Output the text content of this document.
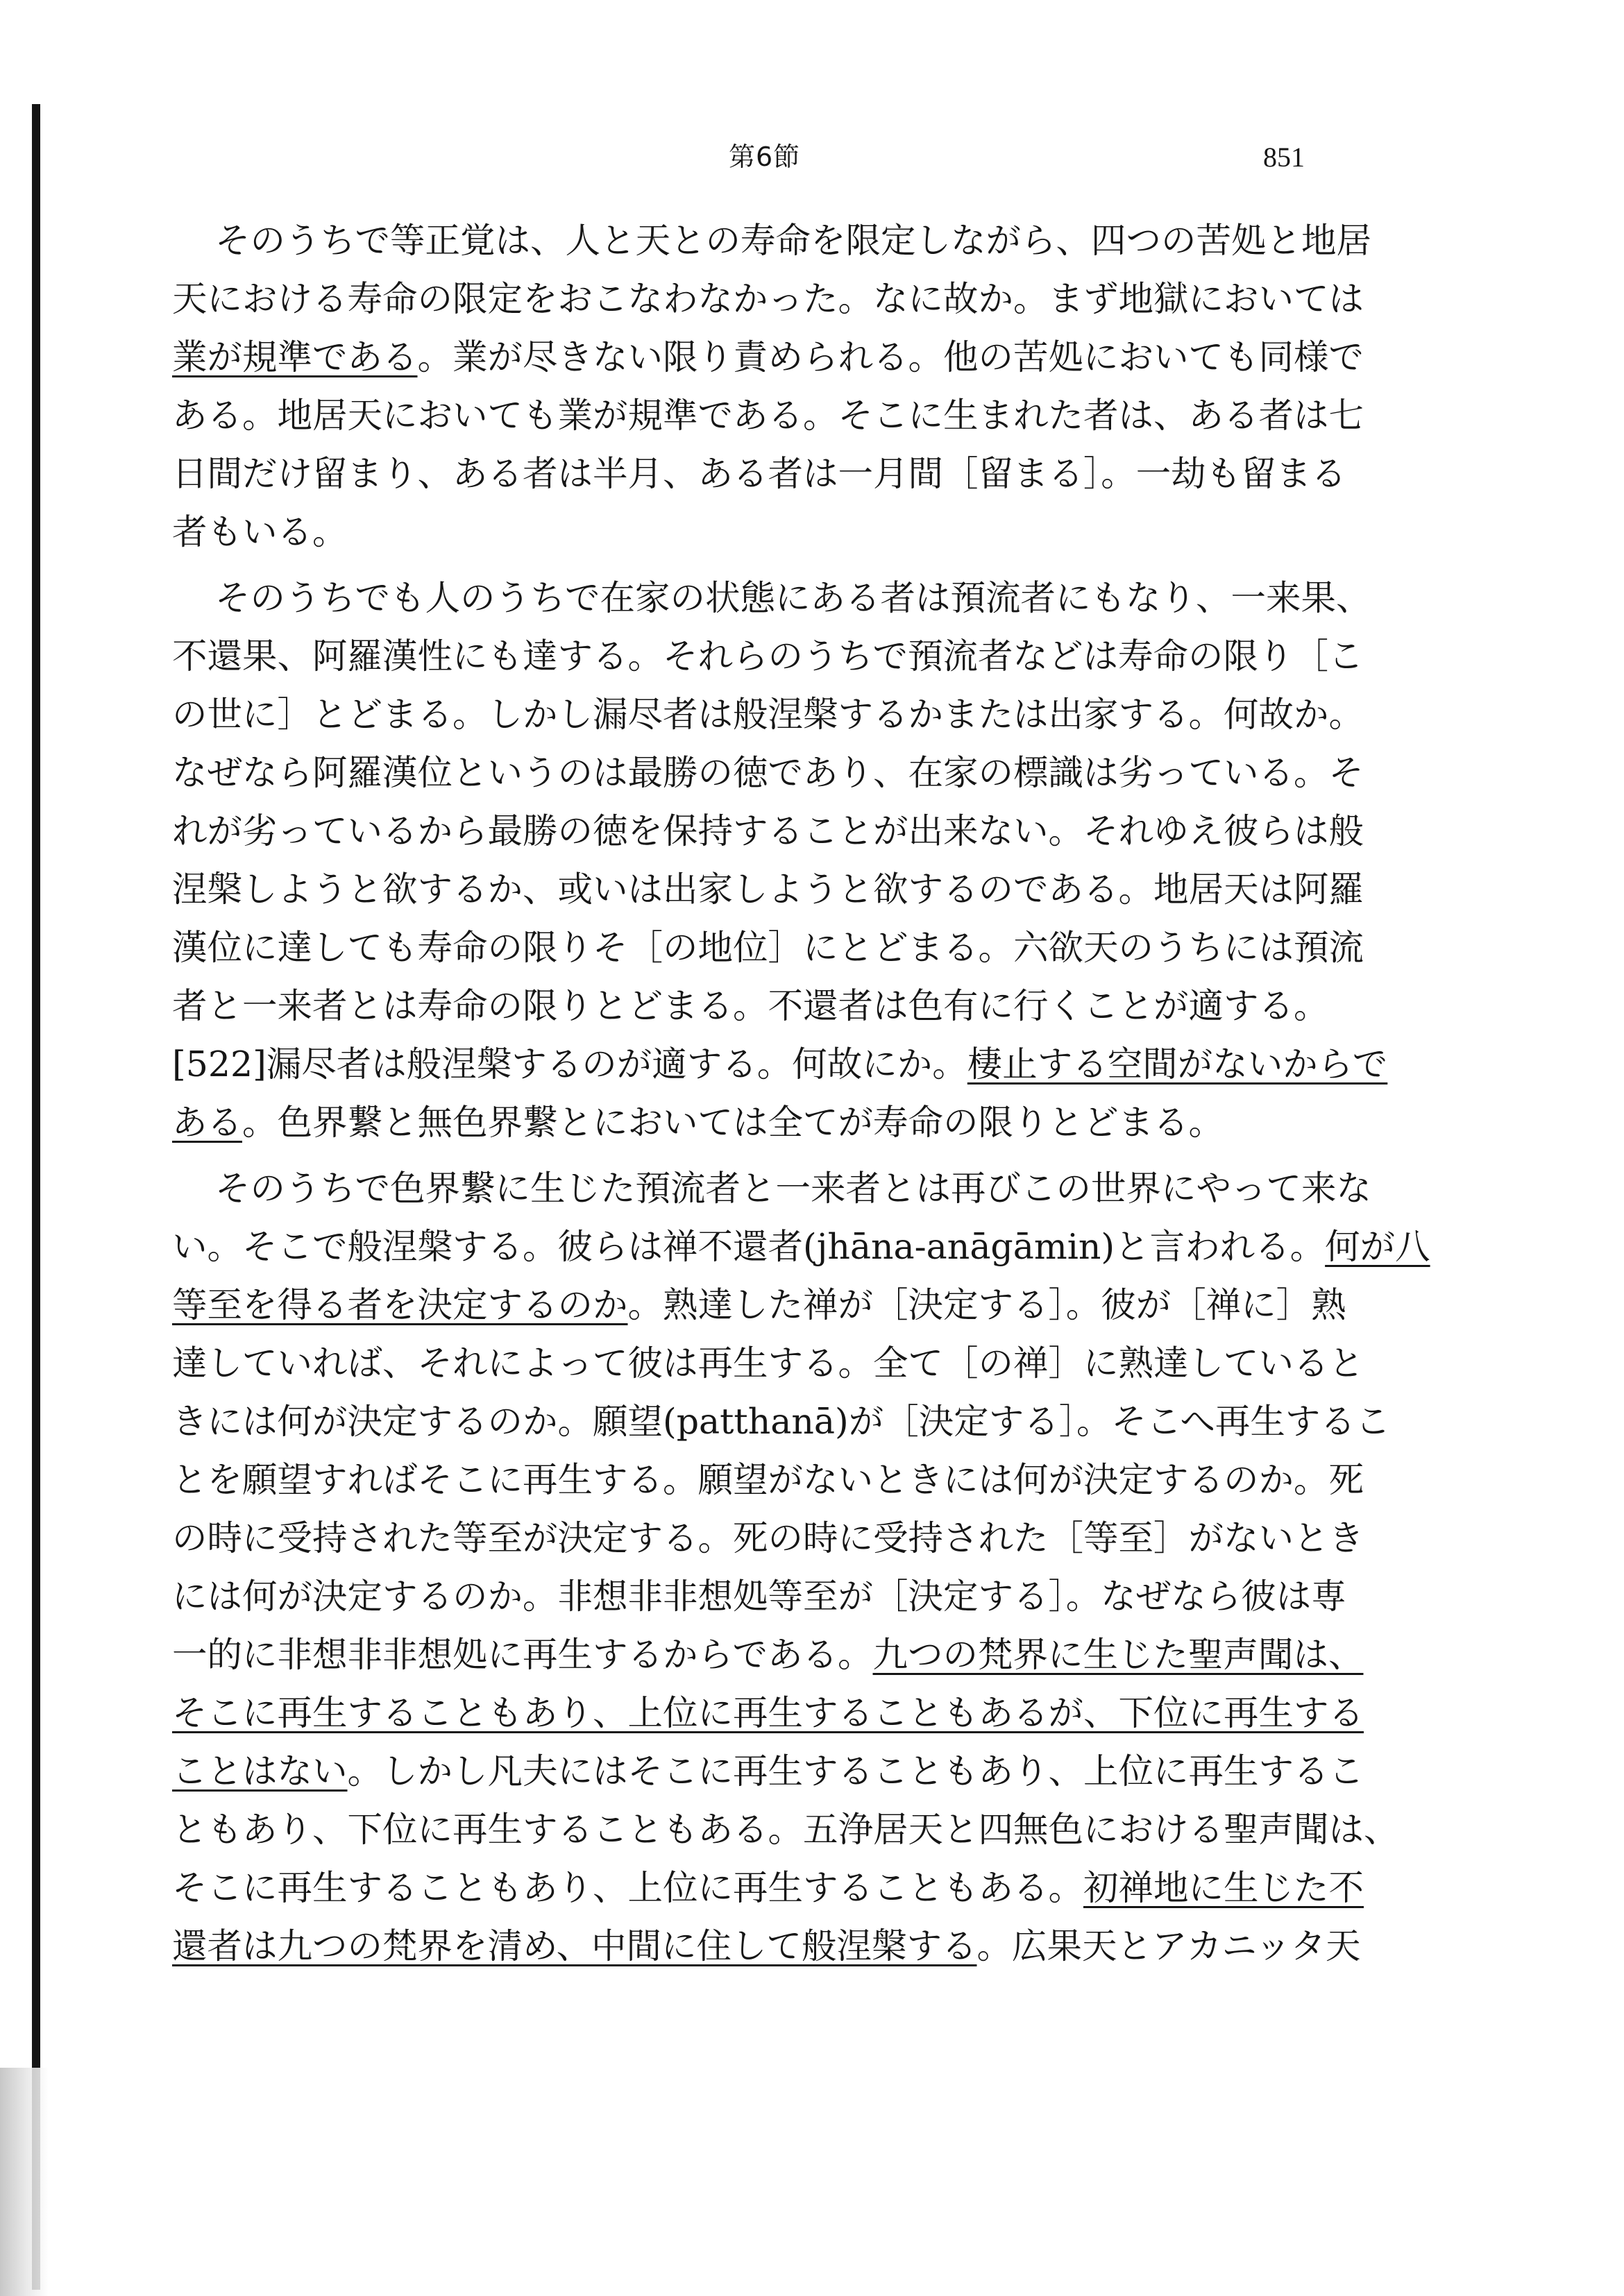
第6節	851
そのうちで等正覚は、人と天との寿命を限定しながら、四つの苦処と地居
天における寿命の限定をおこなわなかった。なに故か。まず地獄においては
業が規準である。業が尽きない限り責められる。他の苦処においても同様で
ある。地居天においても業が規準である。そこに生まれた者は、ある者は七
日間だけ留まり、ある者は半月、ある者は一月間［留まる］。一劫も留まる
者もいる。
そのうちでも人のうちで在家の状態にある者は預流者にもなり、一来果、
不還果、阿羅漢性にも達する。それらのうちで預流者などは寿命の限り［こ
の世に］とどまる。しかし漏尽者は般涅槃するかまたは出家する。何故か。
なぜなら阿羅漢位というのは最勝の徳であり、在家の標識は劣っている。そ
れが劣っているから最勝の徳を保持することが出来ない。それゆえ彼らは般
涅槃しようと欲するか、或いは出家しようと欲するのである。地居天は阿羅
漢位に達しても寿命の限りそ［の地位］にとどまる。六欲天のうちには預流
者と一来者とは寿命の限りとどまる。不還者は色有に行くことが適する。
[522]漏尽者は般涅槃するのが適する。何故にか。棲止する空間がないからで
ある。色界繋と無色界繋とにおいては全てが寿命の限りとどまる。
そのうちで色界繋に生じた預流者と一来者とは再びこの世界にやって来な
い。そこで般涅槃する。彼らは禅不還者(jhāna-anāgāmin)と言われる。何が八
等至を得る者を決定するのか。熟達した禅が［決定する］。彼が［禅に］熟
達していれば、それによって彼は再生する。全て［の禅］に熟達していると
きには何が決定するのか。願望(patthanā)が［決定する］。そこへ再生するこ
とを願望すればそこに再生する。願望がないときには何が決定するのか。死
の時に受持された等至が決定する。死の時に受持された［等至］がないとき
には何が決定するのか。非想非非想処等至が［決定する］。なぜなら彼は専
一的に非想非非想処に再生するからである。九つの梵界に生じた聖声聞は、
そこに再生することもあり、上位に再生することもあるが、下位に再生する
ことはない。しかし凡夫にはそこに再生することもあり、上位に再生するこ
ともあり、下位に再生することもある。五浄居天と四無色における聖声聞は、
そこに再生することもあり、上位に再生することもある。初禅地に生じた不
還者は九つの梵界を清め、中間に住して般涅槃する。広果天とアカニッタ天
